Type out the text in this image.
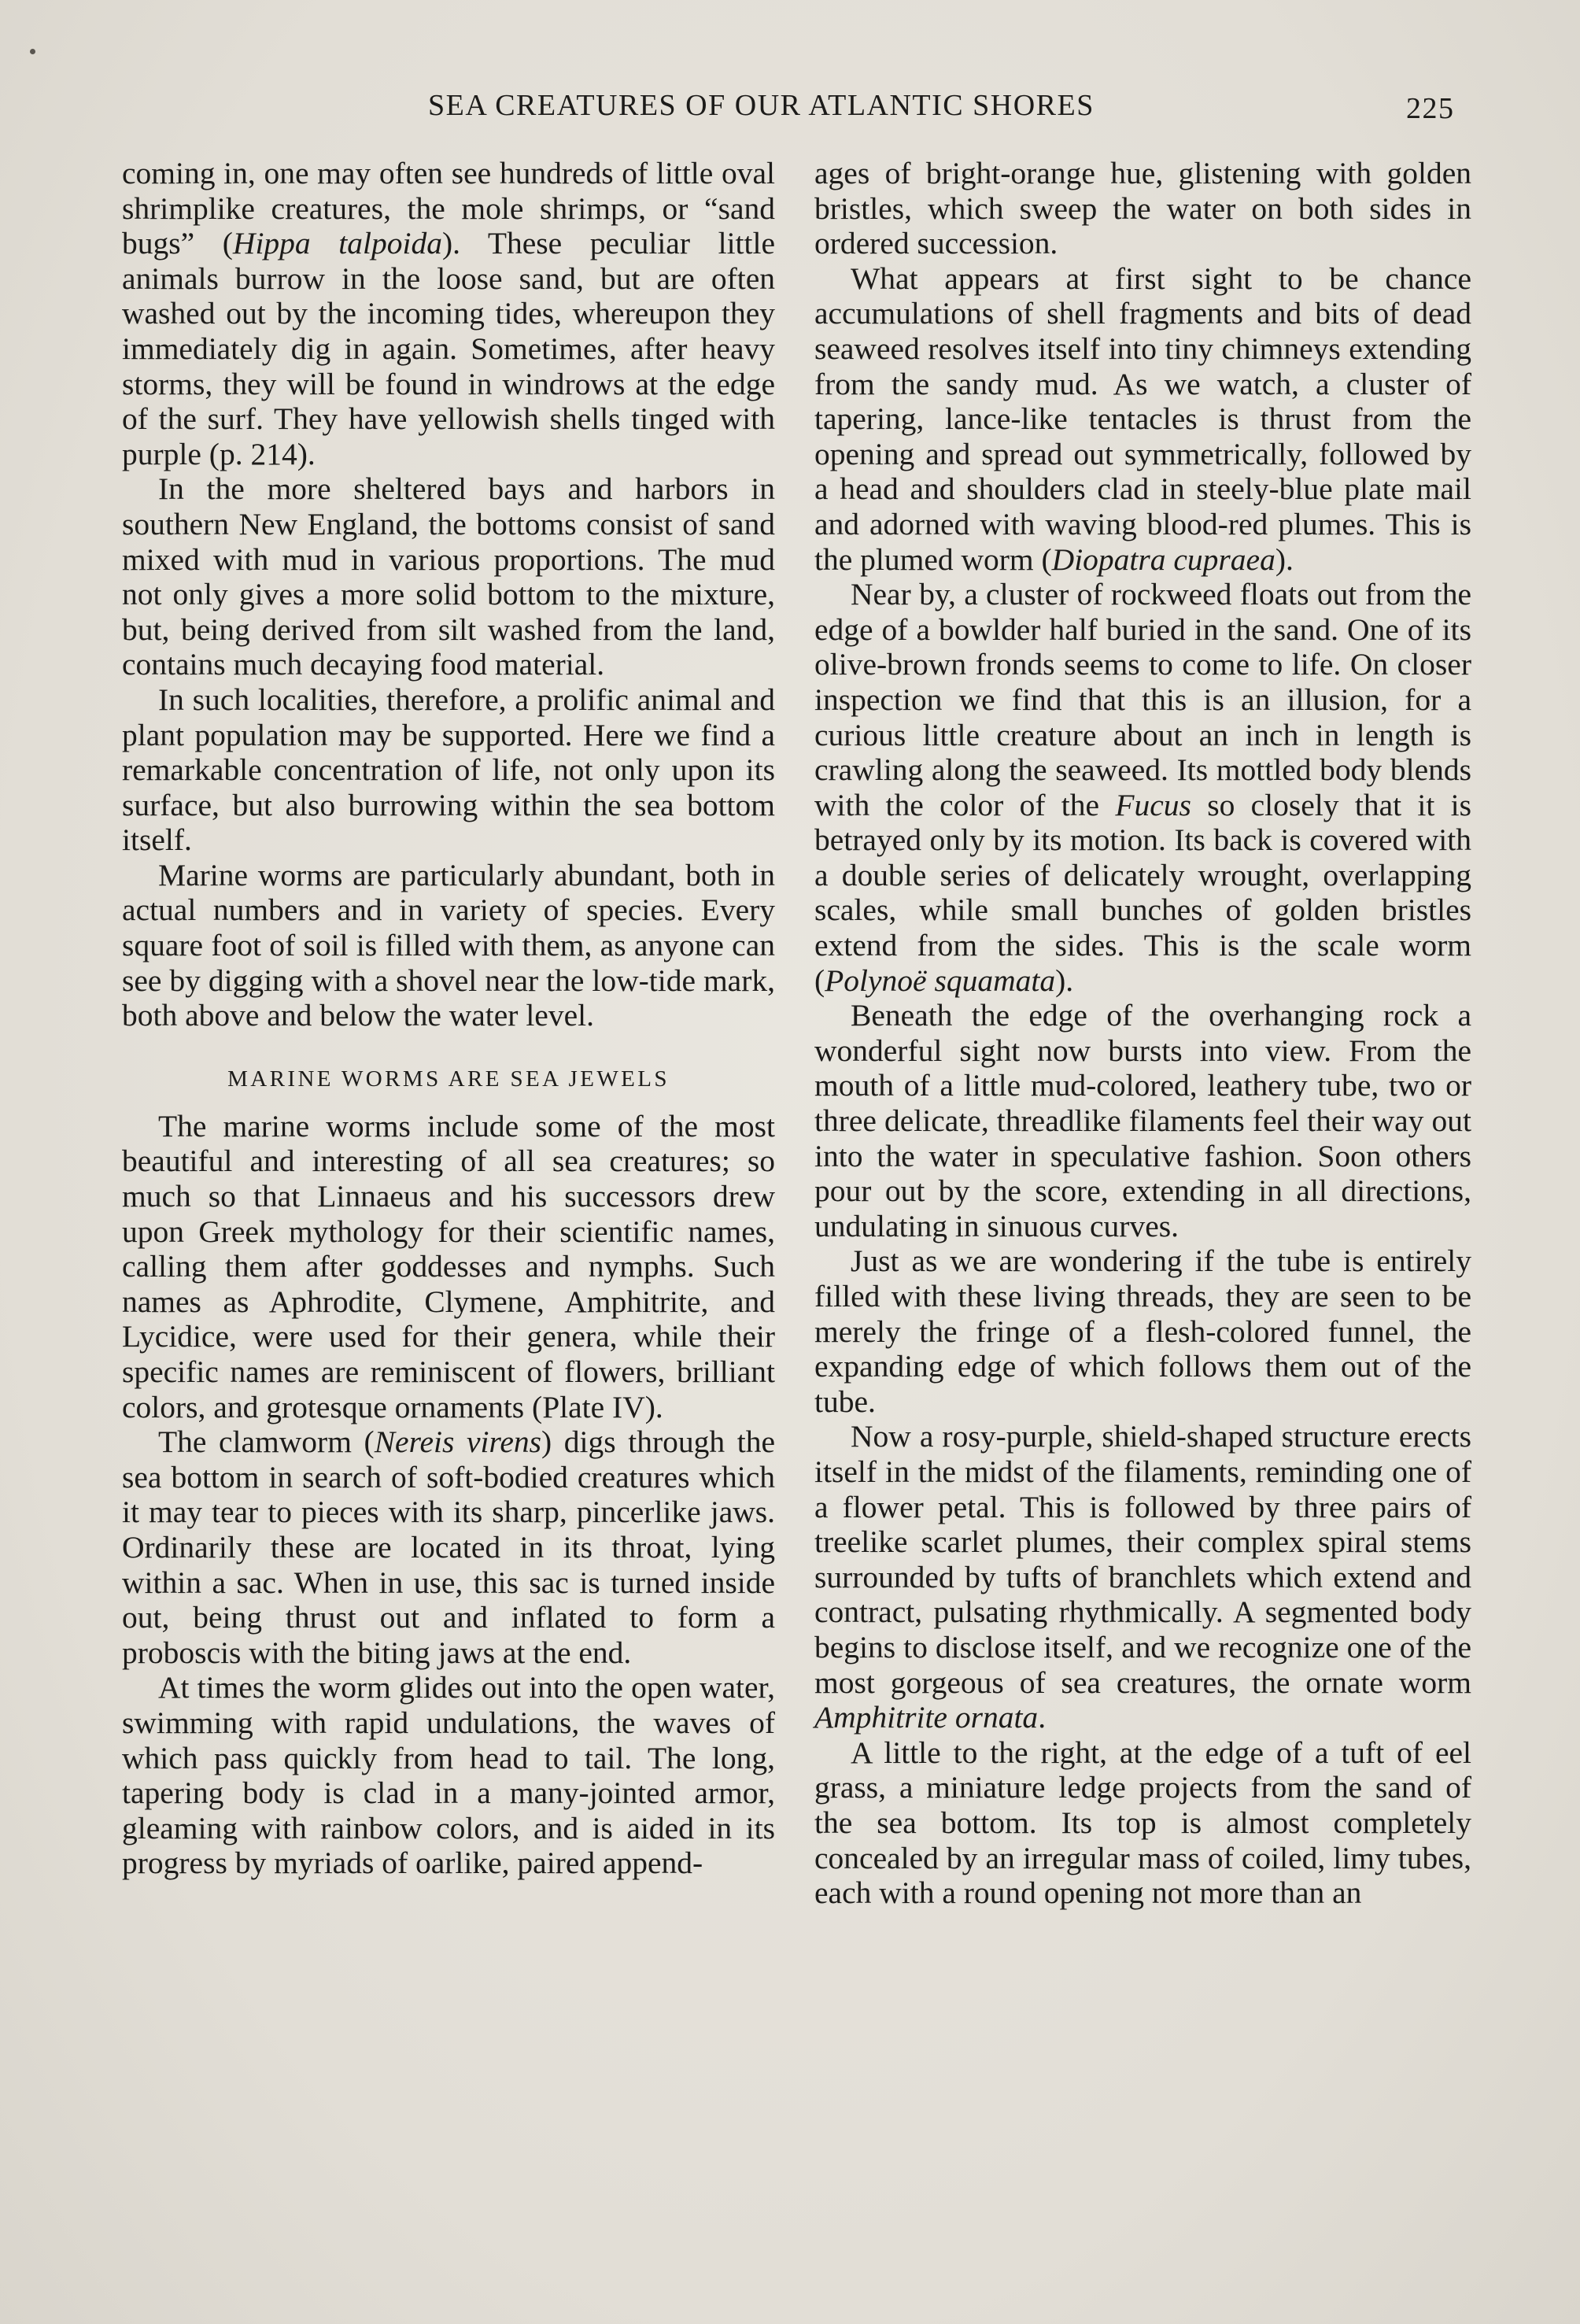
SEA CREATURES OF OUR ATLANTIC SHORES	225

coming in, one may often see hundreds of little oval shrimplike creatures, the mole shrimps, or “sand bugs” (Hippa talpoida). These peculiar little animals burrow in the loose sand, but are often washed out by the incoming tides, whereupon they immediately dig in again. Sometimes, after heavy storms, they will be found in windrows at the edge of the surf. They have yellowish shells tinged with purple (p. 214).

In the more sheltered bays and harbors in southern New England, the bottoms consist of sand mixed with mud in various proportions. The mud not only gives a more solid bottom to the mixture, but, being derived from silt washed from the land, contains much decaying food material.

In such localities, therefore, a prolific animal and plant population may be supported. Here we find a remarkable concentration of life, not only upon its surface, but also burrowing within the sea bottom itself.

Marine worms are particularly abundant, both in actual numbers and in variety of species. Every square foot of soil is filled with them, as anyone can see by digging with a shovel near the low-tide mark, both above and below the water level.

MARINE WORMS ARE SEA JEWELS

The marine worms include some of the most beautiful and interesting of all sea creatures; so much so that Linnaeus and his successors drew upon Greek mythology for their scientific names, calling them after goddesses and nymphs. Such names as Aphrodite, Clymene, Amphitrite, and Lycidice, were used for their genera, while their specific names are reminiscent of flowers, brilliant colors, and grotesque ornaments (Plate IV).

The clamworm (Nereis virens) digs through the sea bottom in search of soft-bodied creatures which it may tear to pieces with its sharp, pincerlike jaws. Ordinarily these are located in its throat, lying within a sac. When in use, this sac is turned inside out, being thrust out and inflated to form a proboscis with the biting jaws at the end.

At times the worm glides out into the open water, swimming with rapid undulations, the waves of which pass quickly from head to tail. The long, tapering body is clad in a many-jointed armor, gleaming with rainbow colors, and is aided in its progress by myriads of oarlike, paired append-

ages of bright-orange hue, glistening with golden bristles, which sweep the water on both sides in ordered succession.

What appears at first sight to be chance accumulations of shell fragments and bits of dead seaweed resolves itself into tiny chimneys extending from the sandy mud. As we watch, a cluster of tapering, lance-like tentacles is thrust from the opening and spread out symmetrically, followed by a head and shoulders clad in steely-blue plate mail and adorned with waving blood-red plumes. This is the plumed worm (Diopatra cupraea).

Near by, a cluster of rockweed floats out from the edge of a bowlder half buried in the sand. One of its olive-brown fronds seems to come to life. On closer inspection we find that this is an illusion, for a curious little creature about an inch in length is crawling along the seaweed. Its mottled body blends with the color of the Fucus so closely that it is betrayed only by its motion. Its back is covered with a double series of delicately wrought, overlapping scales, while small bunches of golden bristles extend from the sides. This is the scale worm (Polynoë squamata).

Beneath the edge of the overhanging rock a wonderful sight now bursts into view. From the mouth of a little mud-colored, leathery tube, two or three delicate, threadlike filaments feel their way out into the water in speculative fashion. Soon others pour out by the score, extending in all directions, undulating in sinuous curves.

Just as we are wondering if the tube is entirely filled with these living threads, they are seen to be merely the fringe of a flesh-colored funnel, the expanding edge of which follows them out of the tube.

Now a rosy-purple, shield-shaped structure erects itself in the midst of the filaments, reminding one of a flower petal. This is followed by three pairs of treelike scarlet plumes, their complex spiral stems surrounded by tufts of branchlets which extend and contract, pulsating rhythmically. A segmented body begins to disclose itself, and we recognize one of the most gorgeous of sea creatures, the ornate worm Amphitrite ornata.

A little to the right, at the edge of a tuft of eel grass, a miniature ledge projects from the sand of the sea bottom. Its top is almost completely concealed by an irregular mass of coiled, limy tubes, each with a round opening not more than an
